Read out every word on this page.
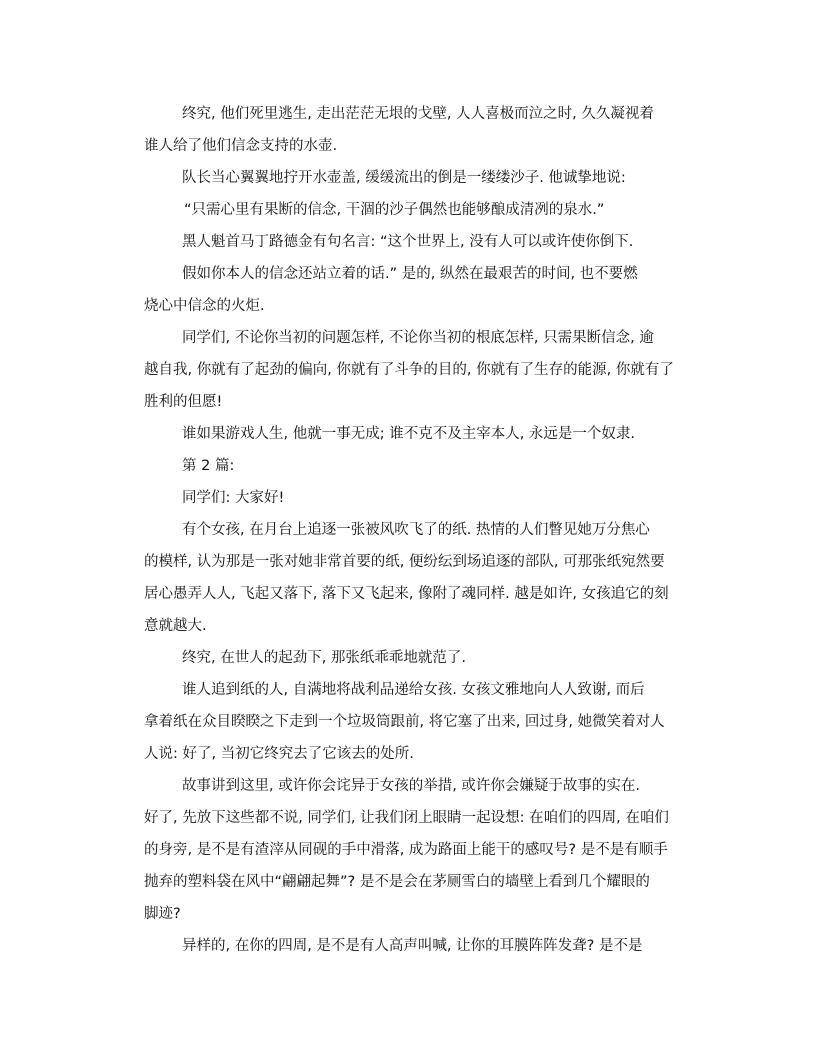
终究, 他们死里逃生, 走出茫茫无垠的戈壁, 人人喜极而泣之时, 久久凝视着
谁人给了他们信念支持的水壶.
队长当心翼翼地拧开水壶盖, 缓缓流出的倒是一缕缕沙子. 他诚挚地说:
“只需心里有果断的信念, 干涸的沙子偶然也能够酿成清冽的泉水.”
黑人魁首马丁路德金有句名言: “这个世界上, 没有人可以或许使你倒下.
假如你本人的信念还站立着的话.” 是的, 纵然在最艰苦的时间, 也不要燃
烧心中信念的火炬.
同学们, 不论你当初的问题怎样, 不论你当初的根底怎样, 只需果断信念, 逾
越自我, 你就有了起劲的偏向, 你就有了斗争的目的, 你就有了生存的能源, 你就有了
胜利的但愿!
谁如果游戏人生, 他就一事无成; 谁不克不及主宰本人, 永远是一个奴隶.
第 2 篇:
同学们: 大家好!
有个女孩, 在月台上追逐一张被风吹飞了的纸. 热情的人们瞥见她万分焦心
的模样, 认为那是一张对她非常首要的纸, 便纷纭到场追逐的部队, 可那张纸宛然要
居心愚弄人人, 飞起又落下, 落下又飞起来, 像附了魂同样. 越是如许, 女孩追它的刻
意就越大.
终究, 在世人的起劲下, 那张纸乖乖地就范了.
谁人追到纸的人, 自满地将战利品递给女孩. 女孩文雅地向人人致谢, 而后
拿着纸在众目睽睽之下走到一个垃圾筒跟前, 将它塞了出来, 回过身, 她微笑着对人
人说: 好了, 当初它终究去了它该去的处所.
故事讲到这里, 或许你会诧异于女孩的举措, 或许你会嫌疑于故事的实在.
好了, 先放下这些都不说, 同学们, 让我们闭上眼睛一起设想: 在咱们的四周, 在咱们
的身旁, 是不是有渣滓从同砚的手中滑落, 成为路面上能干的感叹号? 是不是有顺手
抛弃的塑料袋在风中“翩翩起舞”? 是不是会在茅厕雪白的墙壁上看到几个耀眼的
脚迹?
异样的, 在你的四周, 是不是有人高声叫喊, 让你的耳膜阵阵发聋? 是不是
